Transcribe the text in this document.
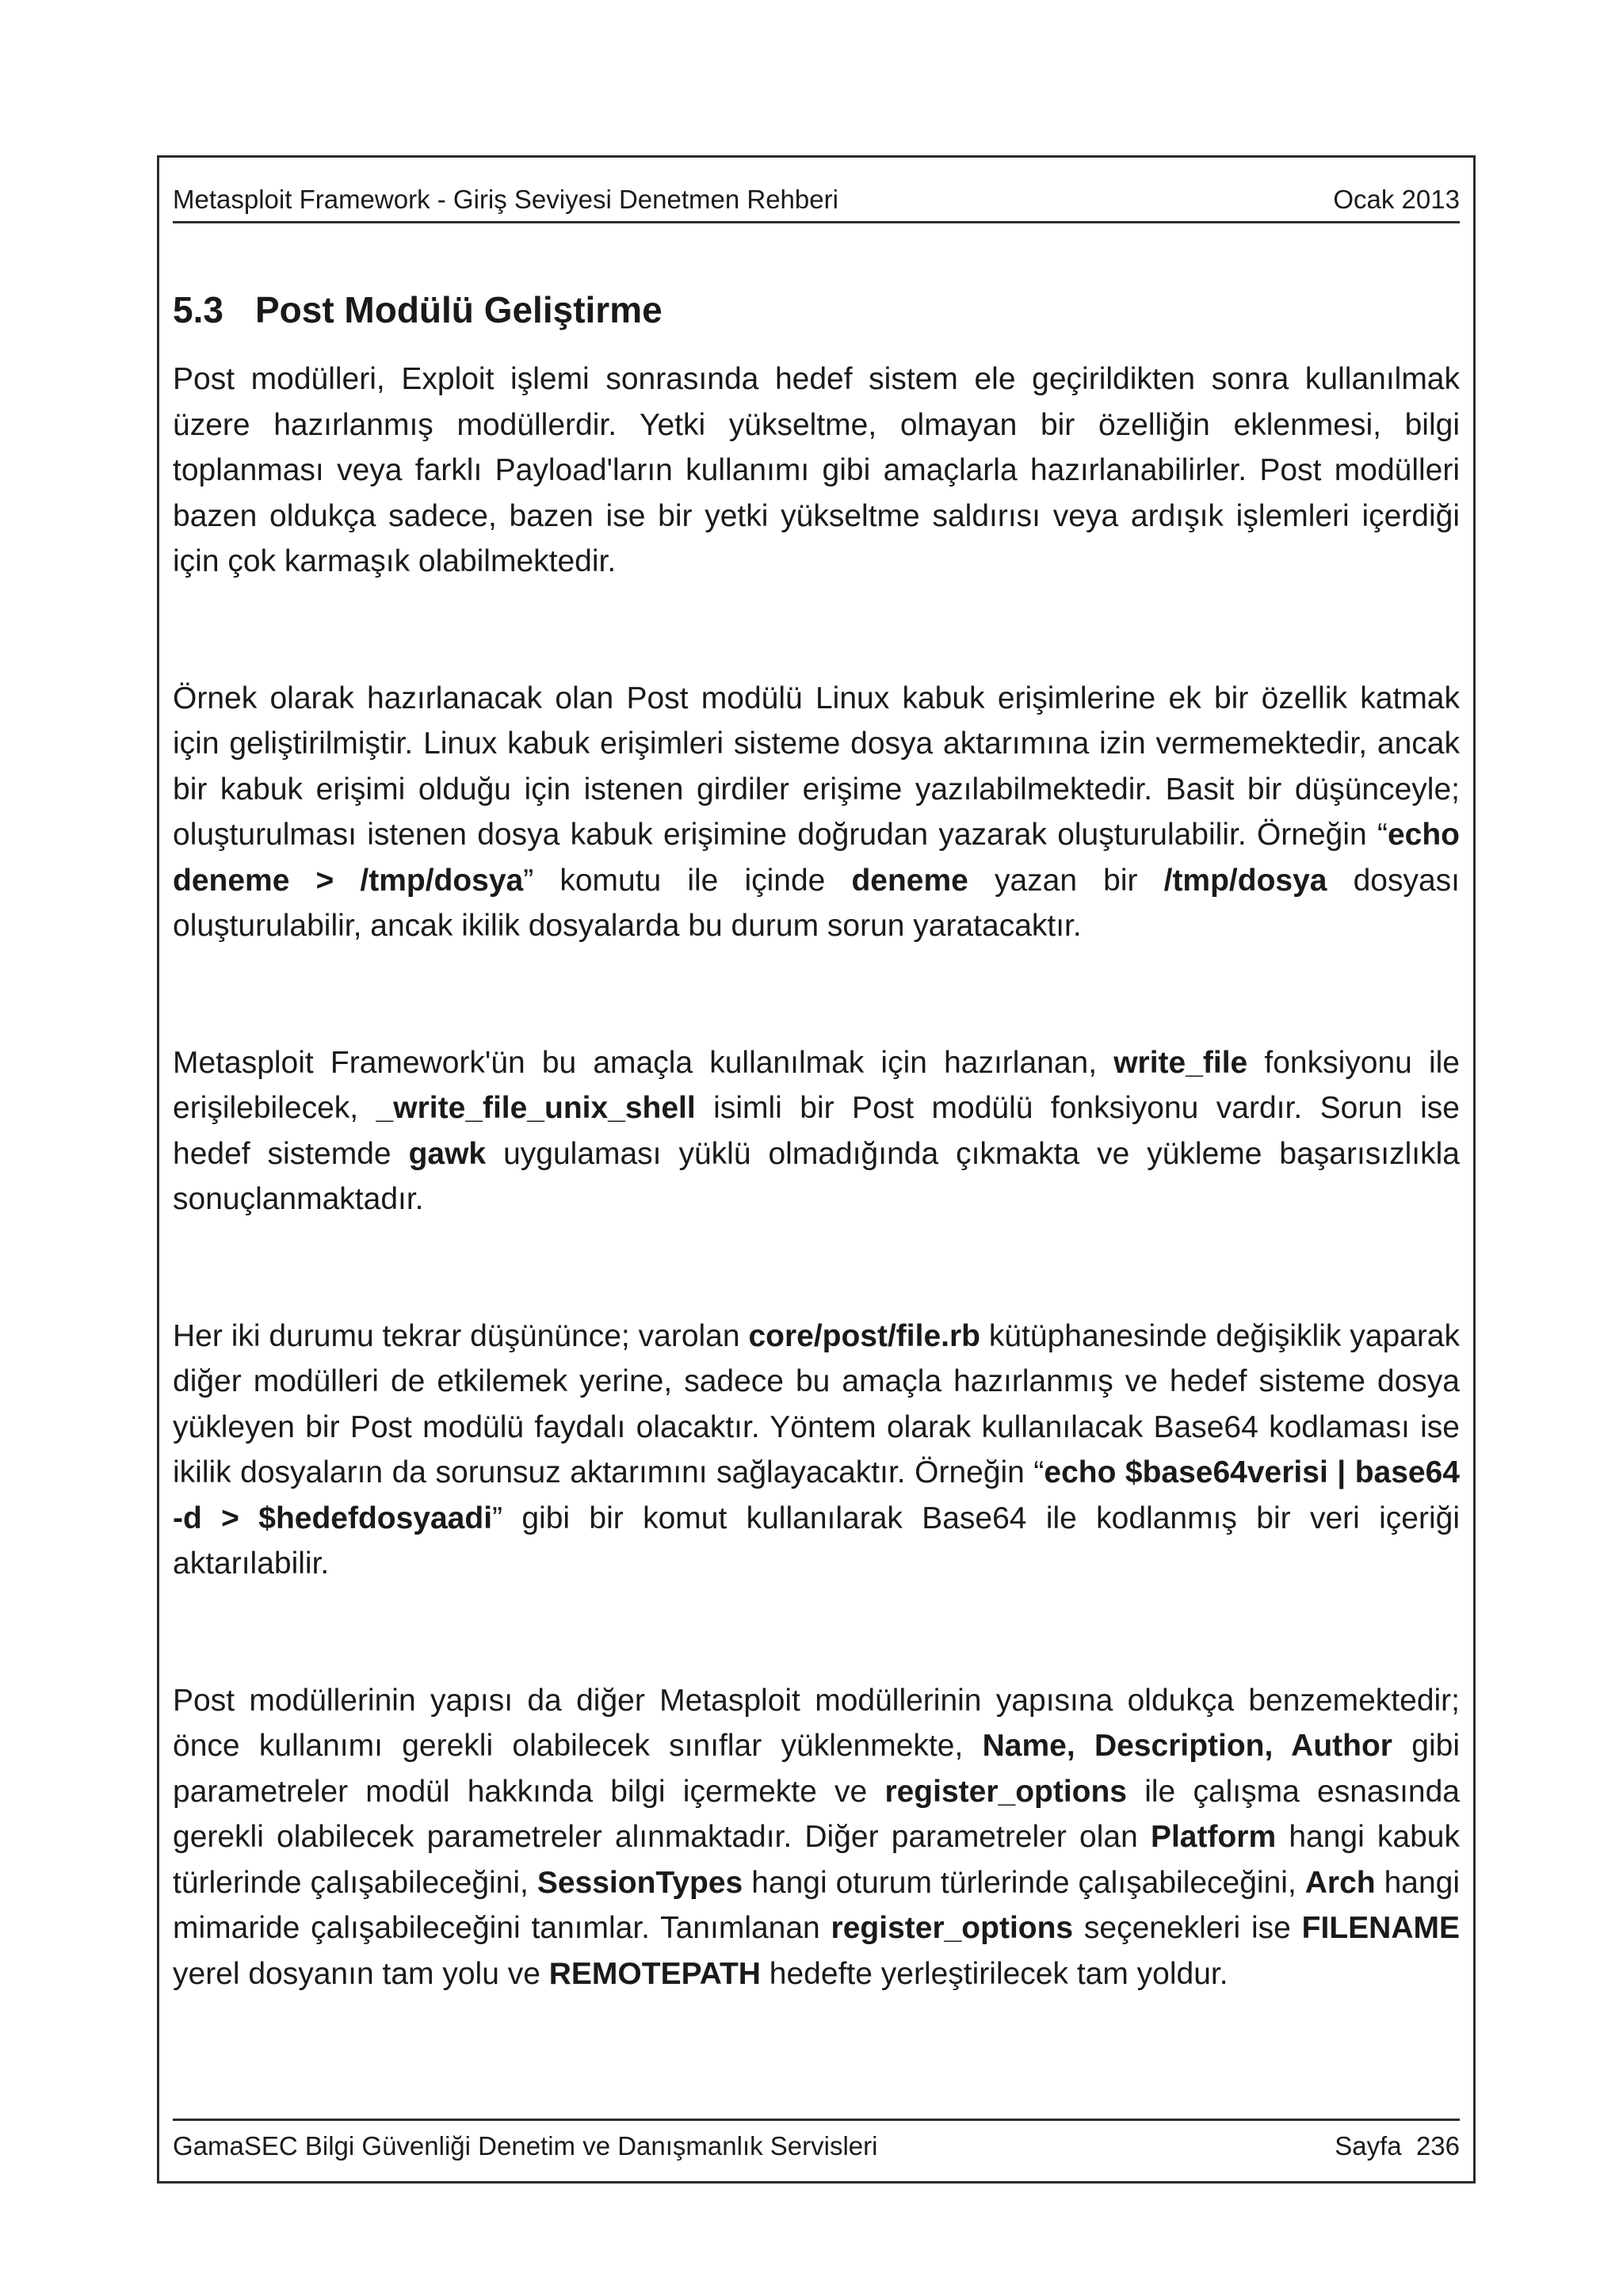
Metasploit Framework - Giriş Seviyesi Denetmen Rehberi	Ocak 2013
5.3 Post Modülü Geliştirme

Post modülleri, Exploit işlemi sonrasında hedef sistem ele geçirildikten sonra kullanılmak üzere hazırlanmış modüllerdir. Yetki yükseltme, olmayan bir özelliğin eklenmesi, bilgi toplanması veya farklı Payload'ların kullanımı gibi amaçlarla hazırlanabilirler. Post modülleri bazen oldukça sadece, bazen ise bir yetki yükseltme saldırısı veya ardışık işlemleri içerdiği için çok karmaşık olabilmektedir.

Örnek olarak hazırlanacak olan Post modülü Linux kabuk erişimlerine ek bir özellik katmak için geliştirilmiştir. Linux kabuk erişimleri sisteme dosya aktarımına izin vermemektedir, ancak bir kabuk erişimi olduğu için istenen girdiler erişime yazılabilmektedir. Basit bir düşünceyle; oluşturulması istenen dosya kabuk erişimine doğrudan yazarak oluşturulabilir. Örneğin “echo deneme > /tmp/dosya” komutu ile içinde deneme yazan bir /tmp/dosya dosyası oluşturulabilir, ancak ikilik dosyalarda bu durum sorun yaratacaktır.

Metasploit Framework'ün bu amaçla kullanılmak için hazırlanan, write_file fonksiyonu ile erişilebilecek, _write_file_unix_shell isimli bir Post modülü fonksiyonu vardır. Sorun ise hedef sistemde gawk uygulaması yüklü olmadığında çıkmakta ve yükleme başarısızlıkla sonuçlanmaktadır.

Her iki durumu tekrar düşününce; varolan core/post/file.rb kütüphanesinde değişiklik yaparak diğer modülleri de etkilemek yerine, sadece bu amaçla hazırlanmış ve hedef sisteme dosya yükleyen bir Post modülü faydalı olacaktır. Yöntem olarak kullanılacak Base64 kodlaması ise ikilik dosyaların da sorunsuz aktarımını sağlayacaktır. Örneğin “echo $base64verisi | base64 -d > $hedefdosyaadi” gibi bir komut kullanılarak Base64 ile kodlanmış bir veri içeriği aktarılabilir.

Post modüllerinin yapısı da diğer Metasploit modüllerinin yapısına oldukça benzemektedir; önce kullanımı gerekli olabilecek sınıflar yüklenmekte, Name, Description, Author gibi parametreler modül hakkında bilgi içermekte ve register_options ile çalışma esnasında gerekli olabilecek parametreler alınmaktadır. Diğer parametreler olan Platform hangi kabuk türlerinde çalışabileceğini, SessionTypes hangi oturum türlerinde çalışabileceğini, Arch hangi mimaride çalışabileceğini tanımlar. Tanımlanan register_options seçenekleri ise FILENAME yerel dosyanın tam yolu ve REMOTEPATH hedefte yerleştirilecek tam yoldur.

GamaSEC Bilgi Güvenliği Denetim ve Danışmanlık Servisleri	Sayfa 236
